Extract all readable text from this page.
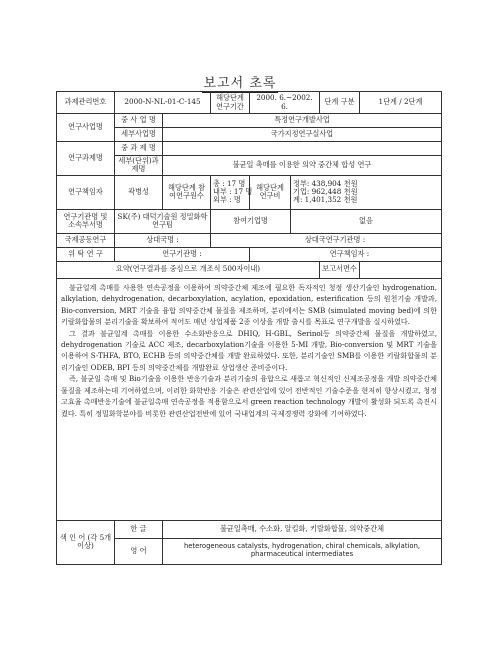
보고서 초록
과제관리번호	2000-N-NL-01-C-145		해당단계 연구기간	2000. 6.~2002. 6.		단계 구분	1단계 / 2단계
연구사업명	중 사 업 명	특정연구개발사업					
	세부사업명	국가지정연구실사업					
연구과제명	중 과 제 명						
	세부(단위)과제명	불균일 촉매를 이용한 의약 중간체 합성 연구					
연구책임자	곽병성	해당단계 참여연구원수	총 : 17 명
내부 : 17 명
외부 : 명	해당단계 연구비	정부: 438,904 천원
기업: 962,448 천원
계: 1,401,352 천원		

연구기관명 및 소속부서명	SK(주) 대덕기술원 정밀화학연구팀		참여기업명		없음		
국제공동연구	상대국명 :		상대국연구기관명 :				
위 탁 연 구	연구기관명 :			연구책임자 :			
요약(연구결과를 중심으로 개조식 500자이내)						보고서면수	

불균일계 촉매를 사용한 연속공정을 이용하여 의약중간체 제조에 필요한 독자적인 청정 생산기술인 hydrogenation, alkylation, dehydrogenation, decarboxylation, acylation, epoxidation, esterification 등의 원천기술 개발과, Bio-conversion, MRT 기술을 융합 의약중간체 물질을 제조하며, 분리에서는 SMB (simulated moving bed)에 의한 키랄화합물의 분리기술을 확보하여 적어도 매년 상업제품 2종 이상을 개발 출시를 목표로 연구개발을 실시하였다.

그 결과 불균일계 촉매를 이용한 수소화반응으로 DHIQ, H-GBL, Serinol등 의약중간체 물질을 개발하였고, dehydrogenation 기술로 ACC 제조, decarboxylation기술을 이용한 5-MI 개발, Bio-conversion 및 MRT 기술을 이용하여 S-THFA, BTO, ECHB 등의 의약중간체를 개발 완료하였다. 또한, 분리기술인 SMB를 이용한 키랄화합물의 분리기술인 ODEB, BPI 등의 의약중간체를 개발완료 상업생산 준비중이다.

즉, 불균일 촉매 및 Bio기술을 이용한 반응기술과 분리기술의 융합으로 새롭고 혁신적인 신제조공정을 개발 의약중간체 물질을 제조하는데 기여하였으며, 이러한 화학반응 기술은 관련산업에 있어 전반적인 기술수준을 현저히 향상시켰고, 청정 고효율 촉매반응기술에 불균일촉매 연속공정을 적용함으로서 green reaction technology 개발이 활성화 되도록 촉진시켰다. 특히 정밀화학분야를 비롯한 관련산업전반에 있어 국내업계의 국제경쟁력 강화에 기여하였다.							

색 인 어 (각 5개 이상)	한 글	불균일촉매, 수소화, 알킬화, 키랄화합물, 의약중간체					
	영 어	heterogeneous catalysts, hydrogenation, chiral chemicals, alkylation, pharmaceutical intermediates					
